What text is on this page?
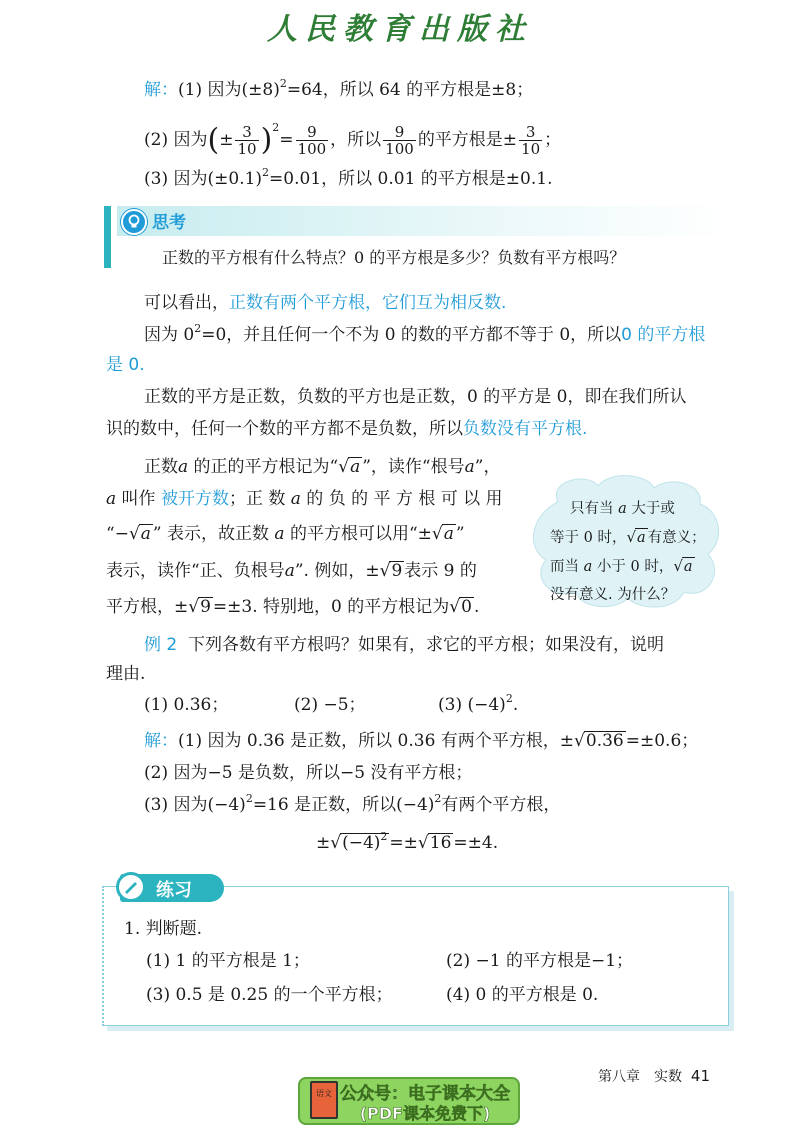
人民教育出版社
解：(1) 因为$(\pm 8)^2=64$，所以 64 的平方根是±8；
(2) 因为(± $\frac{3}{10} )^2= \frac{9}{100}$ ，所以 $\frac{9}{100}$ 的平方根是± $\frac{3}{10}$ ；
(3) 因为$(\pm 0.1)^2=0.01$，所以 0.01 的平方根是±0.1.
思考
正数的平方根有什么特点？0 的平方根是多少？负数有平方根吗？
可以看出，正数有两个平方根，它们互为相反数.
因为 $0^2=0$，并且任何一个不为 0 的数的平方都不等于 0，所以0 的平方根
是 0.
正数的平方是正数，负数的平方也是正数，0 的平方是 0，即在我们所认
识的数中，任何一个数的平方都不是负数，所以负数没有平方根.
正数a 的正的平方根记为“√a ”，读作“根号a”，
a 叫作 被开方数；正 数 a 的 负 的 平 方 根 可 以 用
“−√a ” 表示，故正数 a 的平方根可以用“±√a ”
表示，读作“正、负根号a”. 例如，±√9 表示 9 的
平方根，±√9 =±3. 特别地，0 的平方根记为√0 .
只有当 a 大于或
等于 0 时，√a 有意义；
而当 a 小于 0 时，√a
没有意义. 为什么？
例 2 下列各数有平方根吗？如果有，求它的平方根；如果没有，说明
理由.
(1) 0.36；	(2) −5；	(3) $(-4)^2$.
解：(1) 因为 0.36 是正数，所以 0.36 有两个平方根，±√0.36 =±0.6；
(2) 因为−5 是负数，所以−5 没有平方根；
(3) 因为$(-4)^2=16$ 是正数，所以$(-4)^2$有两个平方根，
$\pm√(-4)^2 =\pm√16 =\pm 4$.
练习
1. 判断题.
(1) 1 的平方根是 1；	(2) −1 的平方根是−1；
(3) 0.5 是 0.25 的一个平方根；	(4) 0 的平方根是 0.
第八章　实数 41
语文 公众号：电子课本大全
(PDF课本免费下)
